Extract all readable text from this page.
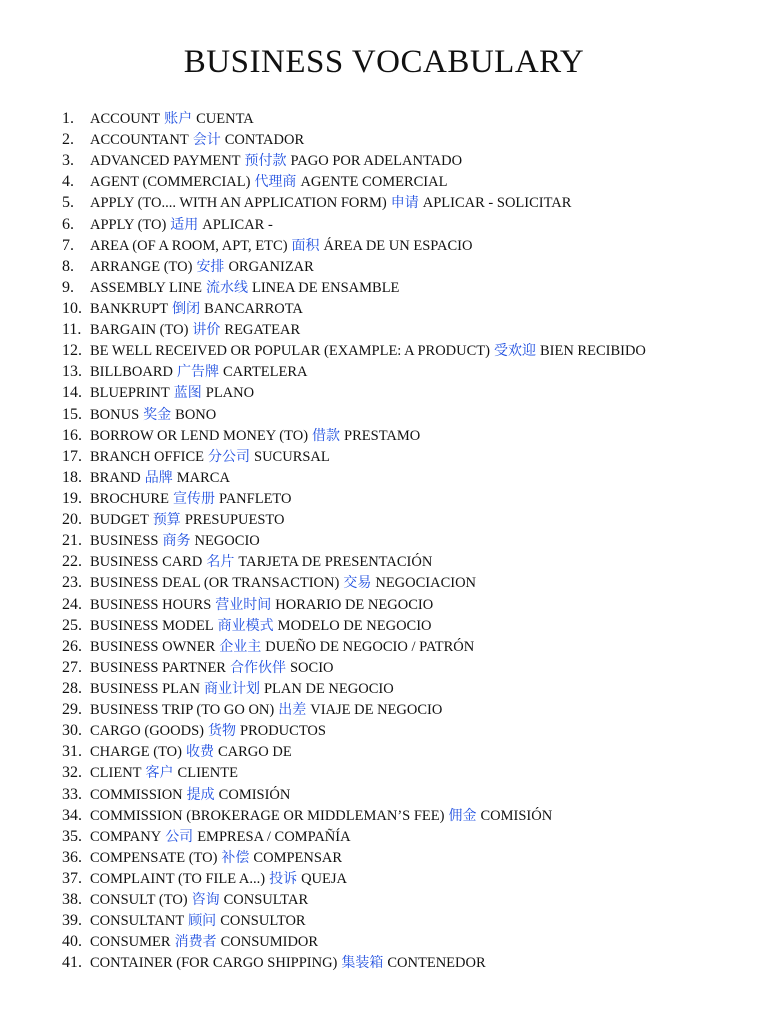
BUSINESS VOCABULARY
1.	ACCOUNT 账户 CUENTA
2.	ACCOUNTANT 会计 CONTADOR
3.	ADVANCED PAYMENT 预付款 PAGO POR ADELANTADO
4.	AGENT (COMMERCIAL) 代理商 AGENTE COMERCIAL
5.	APPLY (TO.... WITH AN APPLICATION FORM) 申请 APLICAR - SOLICITAR
6.	APPLY (TO) 适用 APLICAR -
7.	AREA (OF A ROOM, APT, ETC) 面积 ÁREA DE UN ESPACIO
8.	ARRANGE (TO) 安排 ORGANIZAR
9.	ASSEMBLY LINE 流水线 LINEA DE ENSAMBLE
10. BANKRUPT 倒闭 BANCARROTA
11. BARGAIN (TO) 讲价 REGATEAR
12. BE WELL RECEIVED OR POPULAR (EXAMPLE: A PRODUCT) 受欢迎 BIEN RECIBIDO
13. BILLBOARD 广告牌 CARTELERA
14. BLUEPRINT 蓝图 PLANO
15. BONUS 奖金 BONO
16. BORROW OR LEND MONEY (TO) 借款 PRESTAMO
17. BRANCH OFFICE 分公司 SUCURSAL
18. BRAND 品牌 MARCA
19. BROCHURE 宣传册 PANFLETO
20. BUDGET 预算 PRESUPUESTO
21. BUSINESS 商务 NEGOCIO
22. BUSINESS CARD 名片 TARJETA DE PRESENTACIÓN
23. BUSINESS DEAL (OR TRANSACTION) 交易 NEGOCIACION
24. BUSINESS HOURS 营业时间 HORARIO DE NEGOCIO
25. BUSINESS MODEL 商业模式 MODELO DE NEGOCIO
26. BUSINESS OWNER 企业主 DUEÑO DE NEGOCIO / PATRÓN
27. BUSINESS PARTNER 合作伙伴 SOCIO
28. BUSINESS PLAN 商业计划 PLAN DE NEGOCIO
29. BUSINESS TRIP (TO GO ON) 出差 VIAJE DE NEGOCIO
30. CARGO (GOODS) 货物 PRODUCTOS
31. CHARGE (TO) 收费 CARGO DE
32. CLIENT 客户 CLIENTE
33. COMMISSION 提成 COMISIÓN
34. COMMISSION (BROKERAGE OR MIDDLEMAN’S FEE) 佣金 COMISIÓN
35. COMPANY 公司 EMPRESA / COMPAÑÍA
36. COMPENSATE (TO) 补偿 COMPENSAR
37. COMPLAINT (TO FILE A...) 投诉 QUEJA
38. CONSULT (TO) 咨询 CONSULTAR
39. CONSULTANT 顾问 CONSULTOR
40. CONSUMER 消费者 CONSUMIDOR
41. CONTAINER (FOR CARGO SHIPPING) 集装箱 CONTENEDOR
